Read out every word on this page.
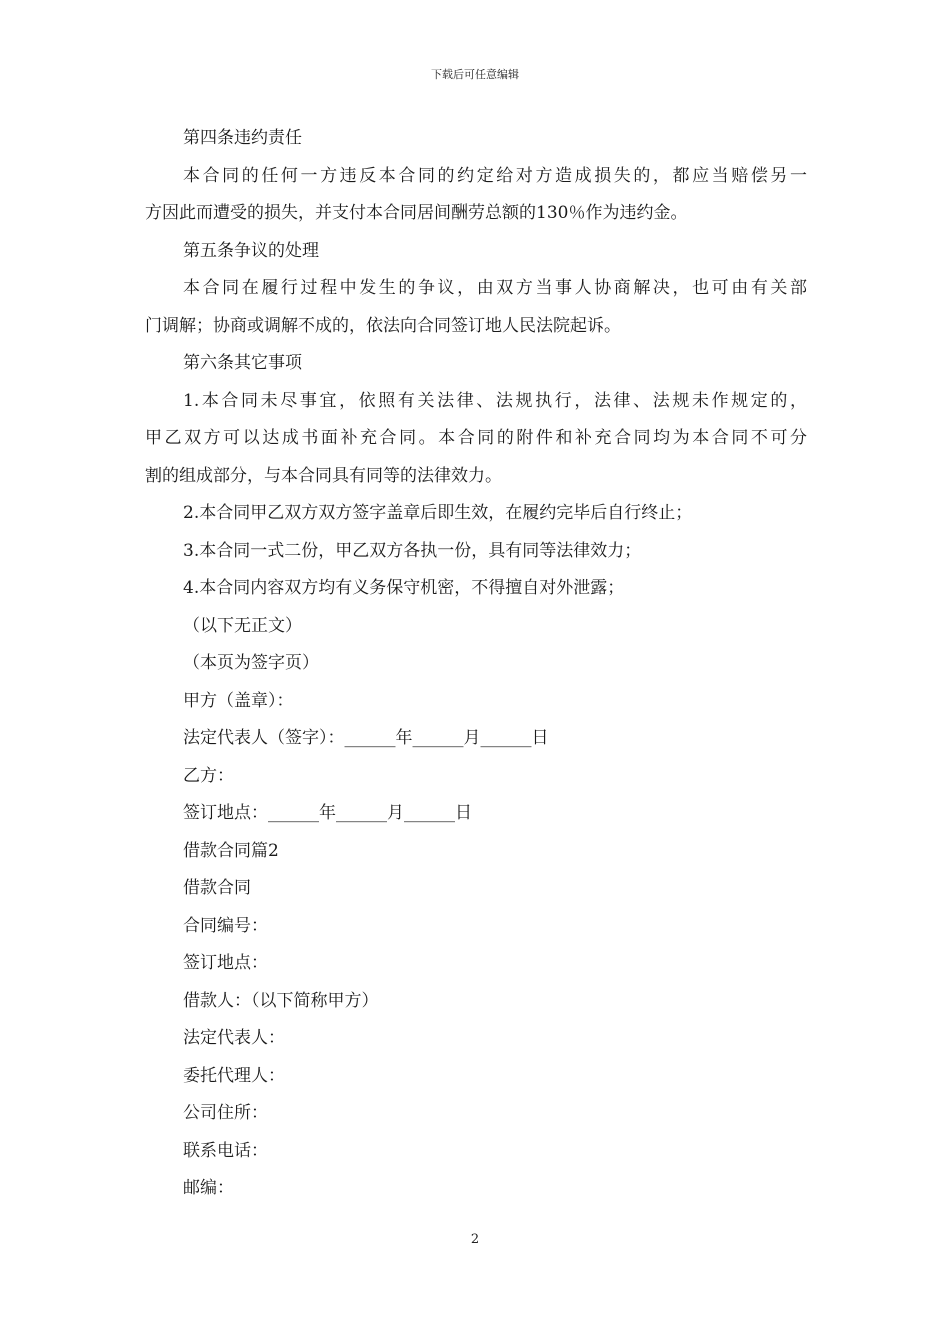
下载后可任意编辑
第四条违约责任
本合同的任何一方违反本合同的约定给对方造成损失的，都应当赔偿另一
方因此而遭受的损失，并支付本合同居间酬劳总额的130％作为违约金。
第五条争议的处理
本合同在履行过程中发生的争议，由双方当事人协商解决，也可由有关部
门调解；协商或调解不成的，依法向合同签订地人民法院起诉。
第六条其它事项
1.本合同未尽事宜，依照有关法律、法规执行，法律、法规未作规定的，
甲乙双方可以达成书面补充合同。本合同的附件和补充合同均为本合同不可分
割的组成部分，与本合同具有同等的法律效力。
2.本合同甲乙双方双方签字盖章后即生效，在履约完毕后自行终止；
3.本合同一式二份，甲乙双方各执一份，具有同等法律效力；
4.本合同内容双方均有义务保守机密，不得擅自对外泄露；
（以下无正文）
（本页为签字页）
甲方（盖章）：
法定代表人（签字）：______年______月______日
乙方：
签订地点：______年______月______日
借款合同篇2
借款合同
合同编号：
签订地点：
借款人：（以下简称甲方）
法定代表人：
委托代理人：
公司住所：
联系电话：
邮编：
2
